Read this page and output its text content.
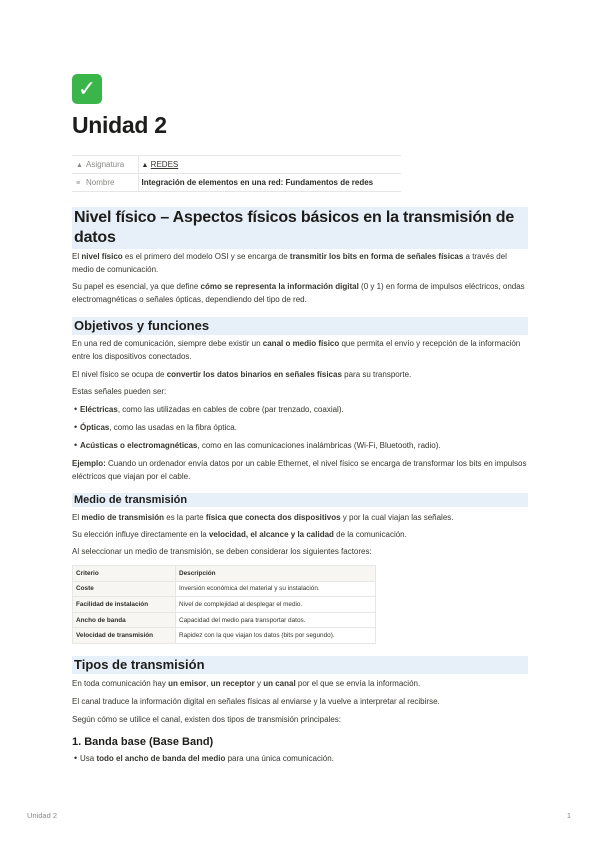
✓
Unidad 2
▲ Asignatura	▲ REDES
≡ Nombre	Integración de elementos en una red: Fundamentos de redes
Nivel físico – Aspectos físicos básicos en la transmisión de datos
El nivel físico es el primero del modelo OSI y se encarga de transmitir los bits en forma de señales físicas a través del medio de comunicación.
Su papel es esencial, ya que define cómo se representa la información digital (0 y 1) en forma de impulsos eléctricos, ondas electromagnéticas o señales ópticas, dependiendo del tipo de red.
Objetivos y funciones
En una red de comunicación, siempre debe existir un canal o medio físico que permita el envío y recepción de la información entre los dispositivos conectados.
El nivel físico se ocupa de convertir los datos binarios en señales físicas para su transporte.
Estas señales pueden ser:
• Eléctricas, como las utilizadas en cables de cobre (par trenzado, coaxial).
• Ópticas, como las usadas en la fibra óptica.
• Acústicas o electromagnéticas, como en las comunicaciones inalámbricas (Wi-Fi, Bluetooth, radio).
Ejemplo: Cuando un ordenador envía datos por un cable Ethernet, el nivel físico se encarga de transformar los bits en impulsos eléctricos que viajan por el cable.
Medio de transmisión
El medio de transmisión es la parte física que conecta dos dispositivos y por la cual viajan las señales.
Su elección influye directamente en la velocidad, el alcance y la calidad de la comunicación.
Al seleccionar un medio de transmisión, se deben considerar los siguientes factores:
Criterio	Descripción
Coste	Inversión económica del material y su instalación.
Facilidad de instalación	Nivel de complejidad al desplegar el medio.
Ancho de banda	Capacidad del medio para transportar datos.
Velocidad de transmisión	Rapidez con la que viajan los datos (bits por segundo).
Tipos de transmisión
En toda comunicación hay un emisor, un receptor y un canal por el que se envía la información.
El canal traduce la información digital en señales físicas al enviarse y la vuelve a interpretar al recibirse.
Según cómo se utilice el canal, existen dos tipos de transmisión principales:
1. Banda base (Base Band)
• Usa todo el ancho de banda del medio para una única comunicación.
Unidad 2	1
